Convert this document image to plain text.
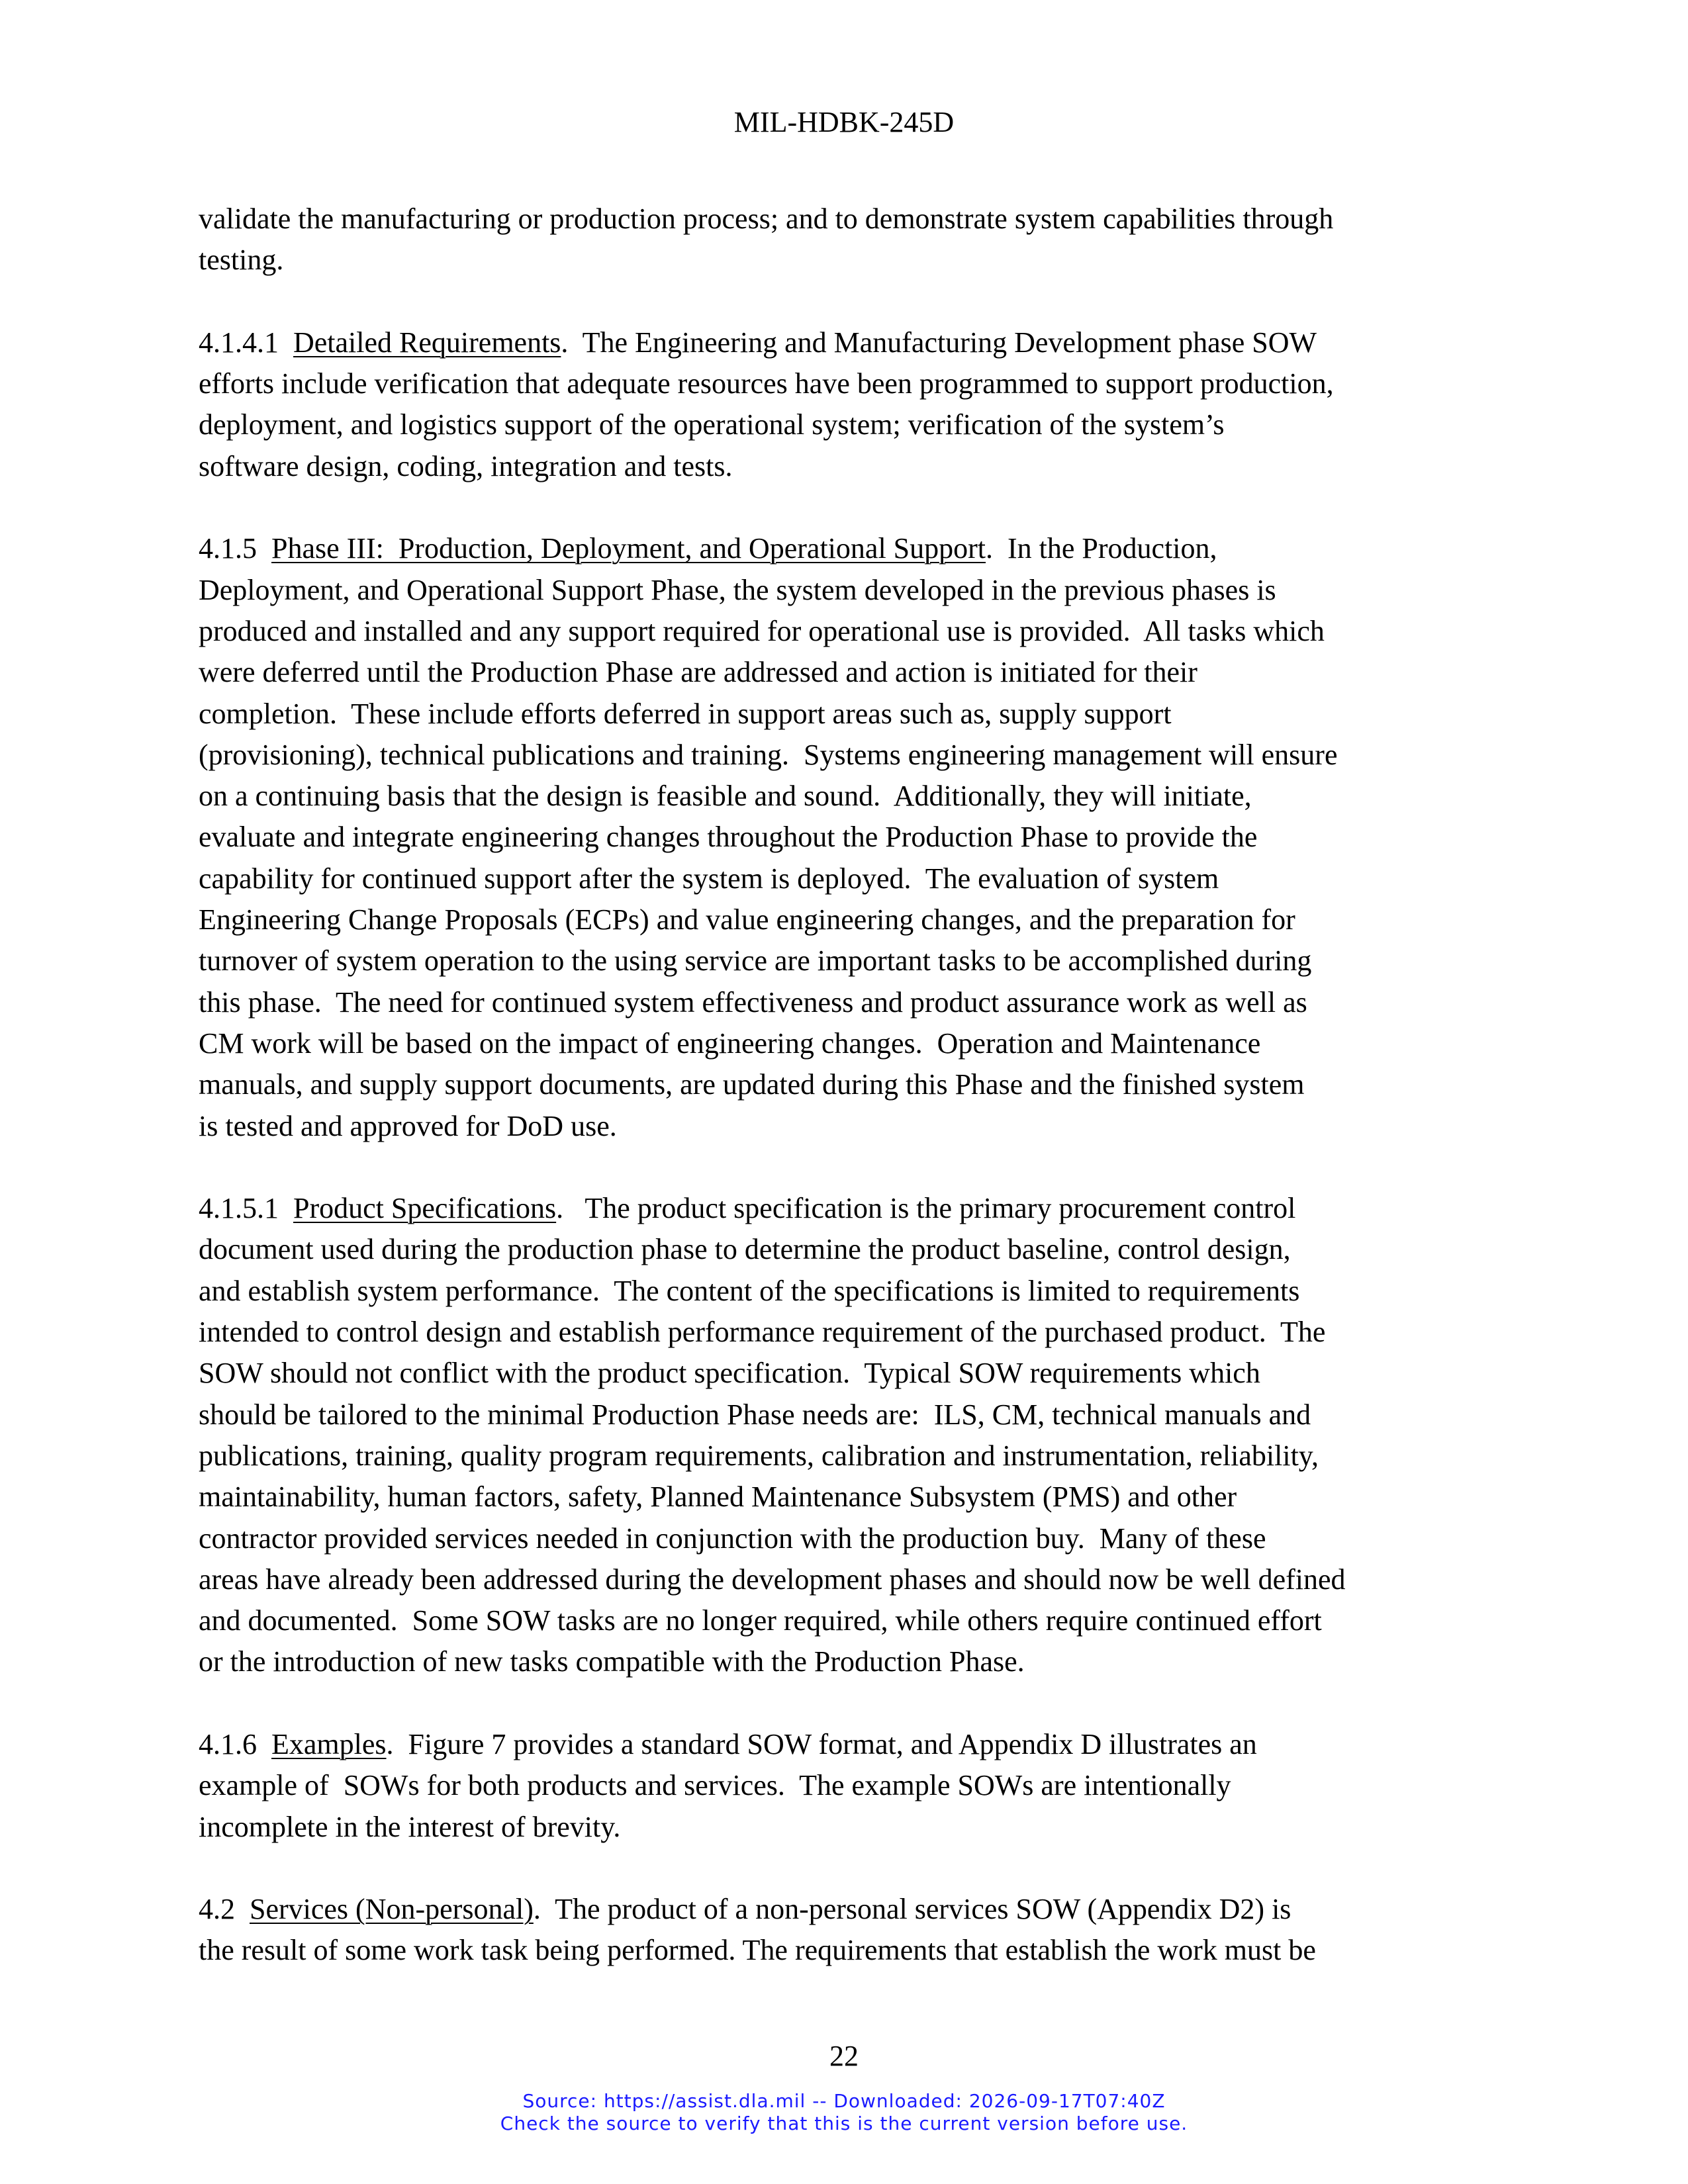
MIL-HDBK-245D
validate the manufacturing or production process; and to demonstrate system capabilities through
testing.
4.1.4.1 Detailed Requirements.  The Engineering and Manufacturing Development phase SOW
efforts include verification that adequate resources have been programmed to support production,
deployment, and logistics support of the operational system; verification of the system’s
software design, coding, integration and tests.
4.1.5 Phase III:  Production, Deployment, and Operational Support.  In the Production,
Deployment, and Operational Support Phase, the system developed in the previous phases is
produced and installed and any support required for operational use is provided.  All tasks which
were deferred until the Production Phase are addressed and action is initiated for their
completion.  These include efforts deferred in support areas such as, supply support
(provisioning), technical publications and training.  Systems engineering management will ensure
on a continuing basis that the design is feasible and sound.  Additionally, they will initiate,
evaluate and integrate engineering changes throughout the Production Phase to provide the
capability for continued support after the system is deployed.  The evaluation of system
Engineering Change Proposals (ECPs) and value engineering changes, and the preparation for
turnover of system operation to the using service are important tasks to be accomplished during
this phase.  The need for continued system effectiveness and product assurance work as well as
CM work will be based on the impact of engineering changes.  Operation and Maintenance
manuals, and supply support documents, are updated during this Phase and the finished system
is tested and approved for DoD use.
4.1.5.1 Product Specifications.   The product specification is the primary procurement control
document used during the production phase to determine the product baseline, control design,
and establish system performance.  The content of the specifications is limited to requirements
intended to control design and establish performance requirement of the purchased product.  The
SOW should not conflict with the product specification.  Typical SOW requirements which
should be tailored to the minimal Production Phase needs are:  ILS, CM, technical manuals and
publications, training, quality program requirements, calibration and instrumentation, reliability,
maintainability, human factors, safety, Planned Maintenance Subsystem (PMS) and other
contractor provided services needed in conjunction with the production buy.  Many of these
areas have already been addressed during the development phases and should now be well defined
and documented.  Some SOW tasks are no longer required, while others require continued effort
or the introduction of new tasks compatible with the Production Phase.
4.1.6 Examples.  Figure 7 provides a standard SOW format, and Appendix D illustrates an
example of  SOWs for both products and services.  The example SOWs are intentionally
incomplete in the interest of brevity.
4.2 Services (Non-personal).  The product of a non-personal services SOW (Appendix D2) is
the result of some work task being performed. The requirements that establish the work must be
22
Source: https://assist.dla.mil -- Downloaded: 2026-09-17T07:40Z
Check the source to verify that this is the current version before use.
